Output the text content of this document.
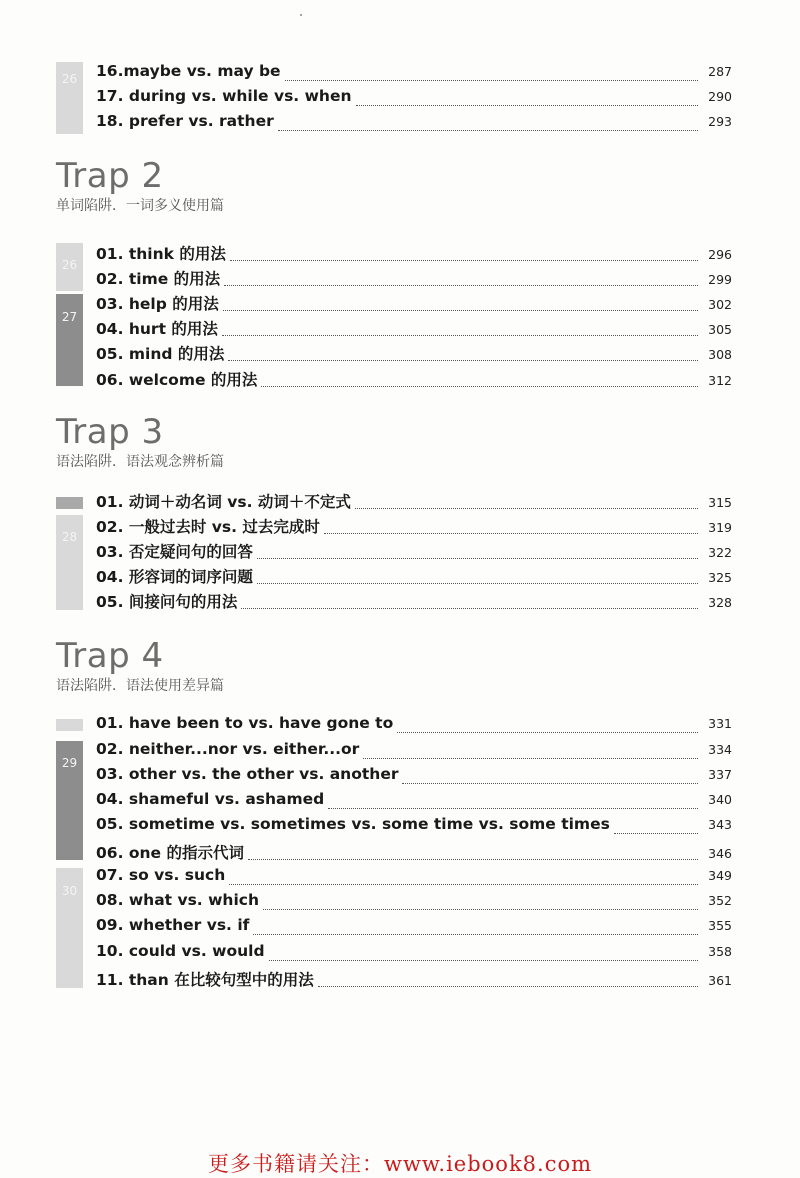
26
26
27
28
29
30
16.maybe vs. may be	287
17. during vs. while vs. when	290
18. prefer vs. rather	293
Trap 2
单词陷阱．一词多义使用篇
01. think 的用法	296
02. time 的用法	299
03. help 的用法	302
04. hurt 的用法	305
05. mind 的用法	308
06. welcome 的用法	312
Trap 3
语法陷阱．语法观念辨析篇
01. 动词＋动名词 vs. 动词＋不定式	315
02. 一般过去时 vs. 过去完成时	319
03. 否定疑问句的回答	322
04. 形容词的词序问题	325
05. 间接问句的用法	328
Trap 4
语法陷阱．语法使用差异篇
01. have been to vs. have gone to	331
02. neither...nor vs. either...or	334
03. other vs. the other vs. another	337
04. shameful vs. ashamed	340
05. sometime vs. sometimes vs. some time vs. some times	343
06. one 的指示代词	346
07. so vs. such	349
08. what vs. which	352
09. whether vs. if	355
10. could vs. would	358
11. than 在比较句型中的用法	361
更多书籍请关注：www.iebook8.com
